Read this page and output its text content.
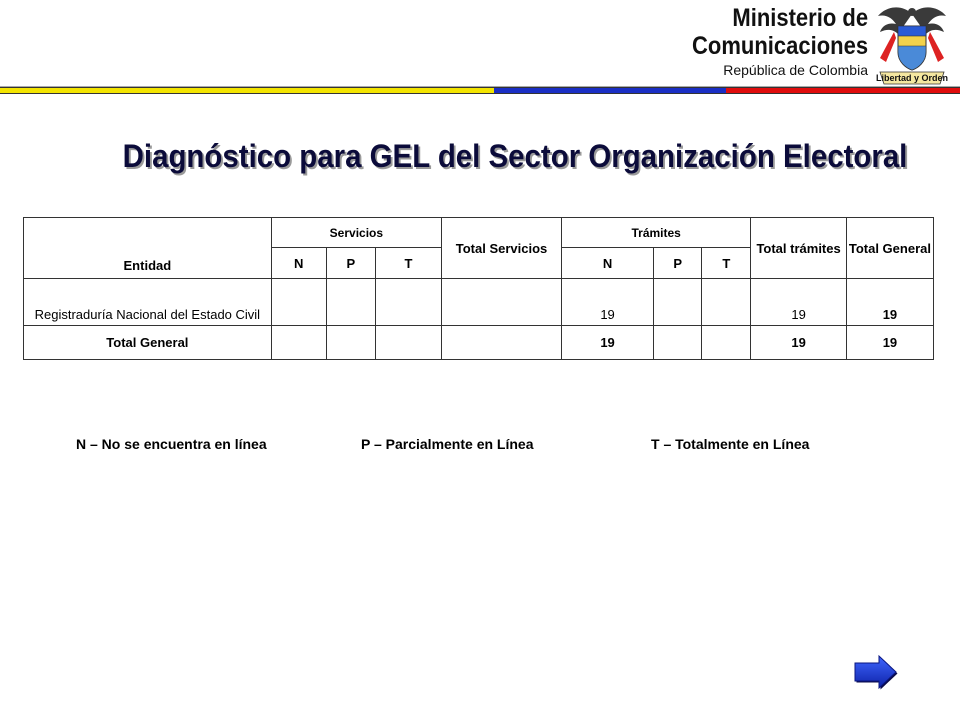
Ministerio de
Comunicaciones
República de Colombia Libertad y Orden
Diagnóstico para GEL del Sector Organización Electoral
Entidad	Servicios			Total Servicios	Trámites			Total trámites	Total General
	N	P	T		N	P	T		
Registraduría Nacional del Estado Civil					19			19	19
Total General					19			19	19
N – No se encuentra en línea	P – Parcialmente en Línea	T – Totalmente en Línea
